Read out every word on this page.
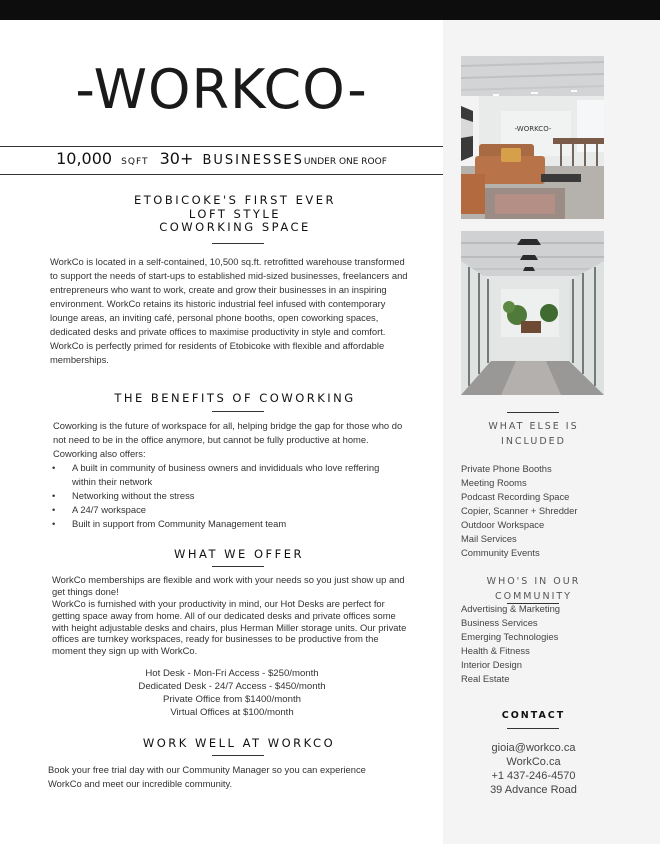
-WORKCO-
10,000 SQFT 30+ BUSINESSESUNDER ONE ROOF
ETOBICOKE'S FIRST EVER
LOFT STYLE
COWORKING SPACE

WorkCo is located in a self-contained, 10,500 sq.ft. retrofitted warehouse transformed to support the needs of start-ups to established mid-sized businesses, freelancers and entrepreneurs who want to work, create and grow their businesses in an inspiring environment. WorkCo retains its historic industrial feel infused with contemporary lounge areas, an inviting café, personal phone booths, open coworking spaces, dedicated desks and private offices to maximise productivity in style and comfort. WorkCo is perfectly primed for residents of Etobicoke with flexible and affordable memberships.

THE BENEFITS OF COWORKING

Coworking is the future of workspace for all, helping bridge the gap for those who do not need to be in the office anymore, but cannot be fully productive at home. Coworking also offers:

• A built in community of business owners and invididuals who love reffering within their network
• Networking without the stress
• A 24/7 workspace
• Built in support from Community Management team
WHAT WE OFFER

WorkCo memberships are flexible and work with your needs so you just show up and get things done!

WorkCo is furnished with your productivity in mind, our Hot Desks are perfect for getting space away from home. All of our dedicated desks and private offices some with height adjustable desks and chairs, plus Herman Miller storage units. Our private offices are turnkey workspaces, ready for businesses to be productive from the moment they sign up with WorkCo.

Hot Desk - Mon-Fri Access - $250/month
Dedicated Desk - 24/7 Access - $450/month
Private Office from $1400/month
Virtual Offices at $100/month
WORK WELL AT WORKCO

Book your free trial day with our Community Manager so you can experience WorkCo and meet our incredible community.

-WORKCO-
WHAT ELSE IS
INCLUDED
Private Phone Booths
Meeting Rooms
Podcast Recording Space
Copier, Scanner + Shredder
Outdoor Workspace
Mail Services
Community Events
WHO'S IN OUR
COMMUNITY
Advertising & Marketing
Business Services
Emerging Technologies
Health & Fitness
Interior Design
Real Estate
CONTACT
gioia@workco.ca
WorkCo.ca
+1 437-246-4570
39 Advance Road
